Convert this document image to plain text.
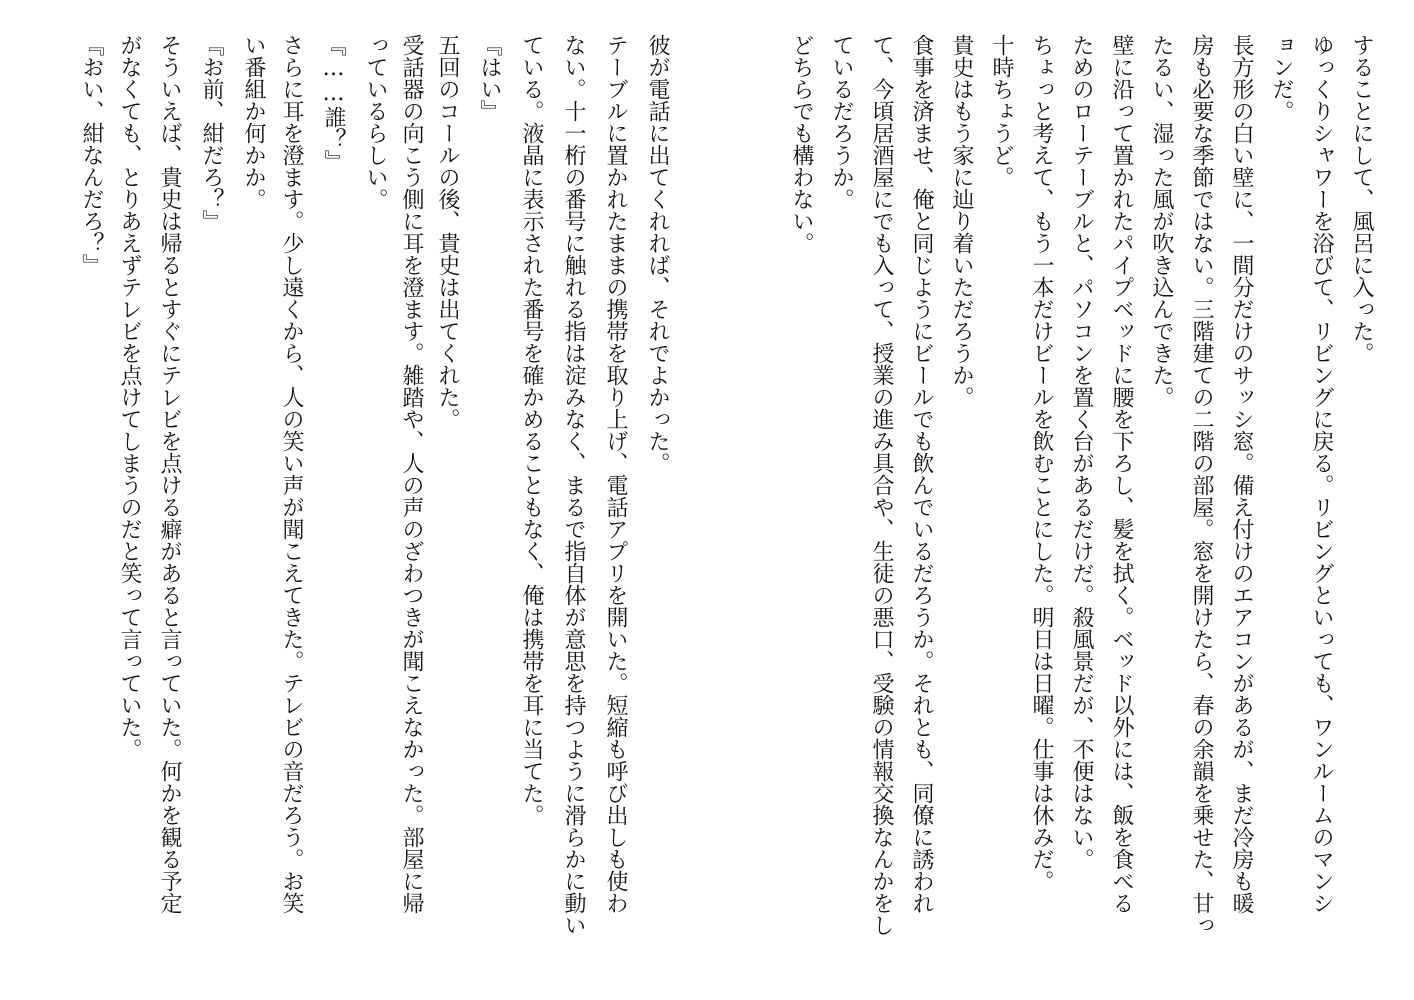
することにして、風呂に入った。
ゆっくりシャワーを浴びて、リビングに戻る。リビングといっても、ワンルームのマンシ
ョンだ。
長方形の白い壁に、一間分だけのサッシ窓。備え付けのエアコンがあるが、まだ冷房も暖
房も必要な季節ではない。三階建ての二階の部屋。窓を開けたら、春の余韻を乗せた、甘っ
たるい、湿った風が吹き込んできた。
壁に沿って置かれたパイプベッドに腰を下ろし、髪を拭く。ベッド以外には、飯を食べる
ためのローテーブルと、パソコンを置く台があるだけだ。殺風景だが、不便はない。
ちょっと考えて、もう一本だけビールを飲むことにした。明日は日曜。仕事は休みだ。
十時ちょうど。
貴史はもう家に辿り着いただろうか。
食事を済ませ、俺と同じようにビールでも飲んでいるだろうか。それとも、同僚に誘われ
て、今頃居酒屋にでも入って、授業の進み具合や、生徒の悪口、受験の情報交換なんかをし
ているだろうか。
どちらでも構わない。
彼が電話に出てくれれば、それでよかった。
テーブルに置かれたままの携帯を取り上げ、電話アプリを開いた。短縮も呼び出しも使わ
ない。十一桁の番号に触れる指は淀みなく、まるで指自体が意思を持つように滑らかに動い
ている。液晶に表示された番号を確かめることもなく、俺は携帯を耳に当てた。
『はい』
五回のコールの後、貴史は出てくれた。
受話器の向こう側に耳を澄ます。雑踏や、人の声のざわつきが聞こえなかった。部屋に帰
っているらしい。
『……誰？』
さらに耳を澄ます。少し遠くから、人の笑い声が聞こえてきた。テレビの音だろう。お笑
い番組か何かか。
『お前、紺だろ？』
そういえば、貴史は帰るとすぐにテレビを点ける癖があると言っていた。何かを観る予定
がなくても、とりあえずテレビを点けてしまうのだと笑って言っていた。
『おい、紺なんだろ？』
